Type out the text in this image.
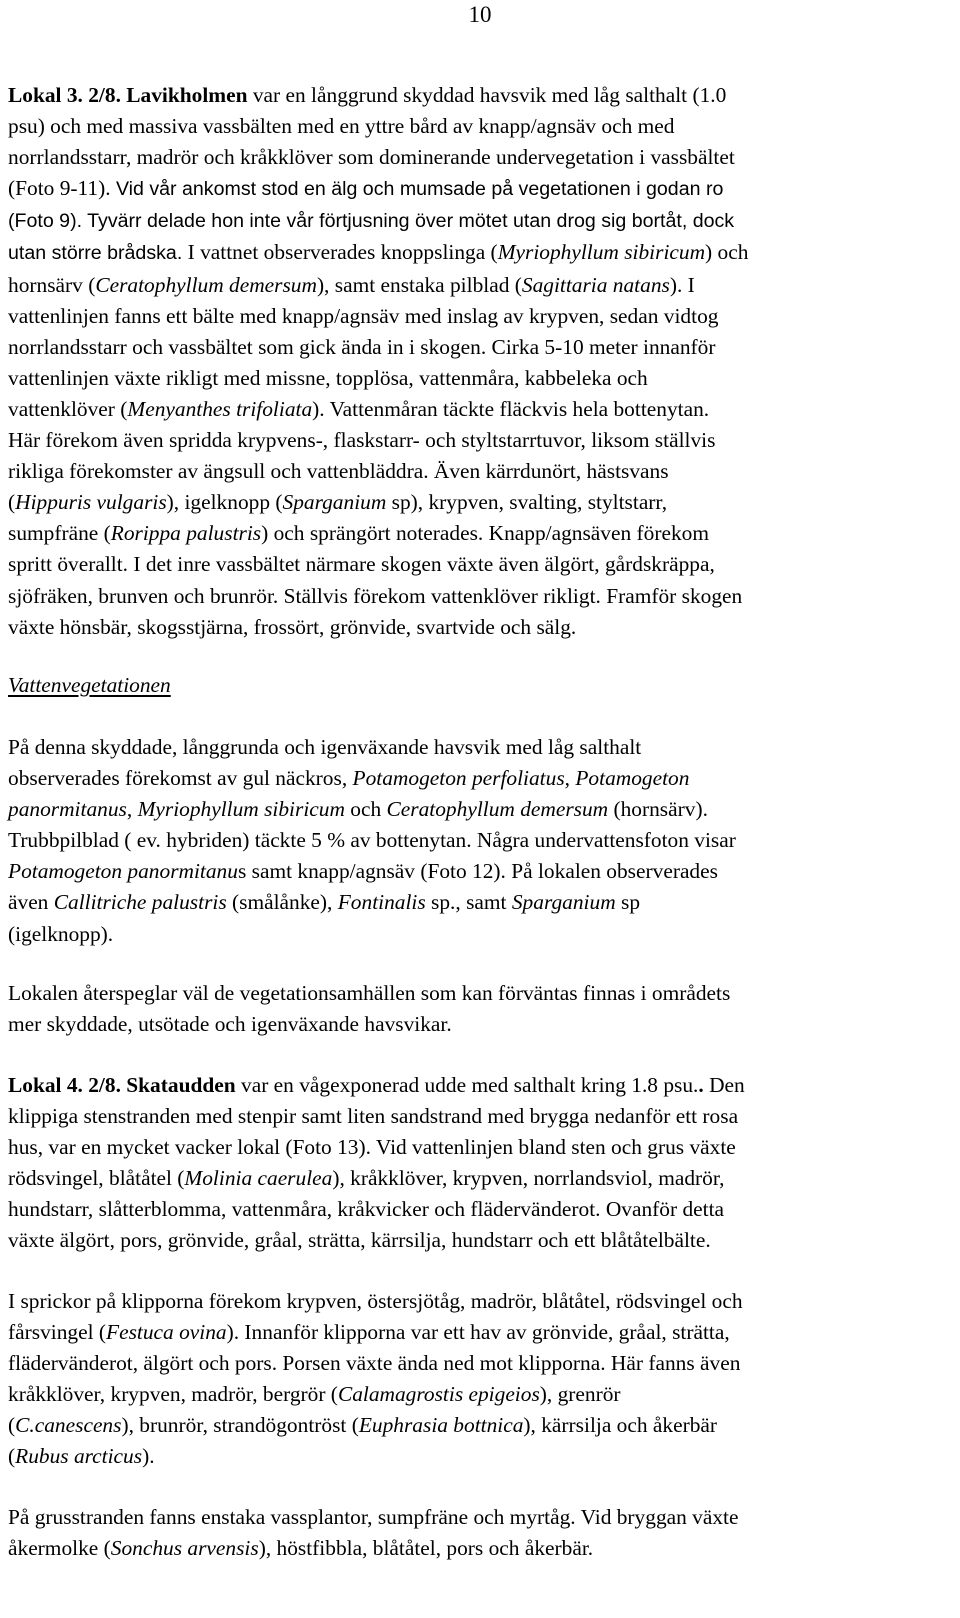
10
Lokal 3. 2/8. Lavikholmen var en långgrund skyddad havsvik med låg salthalt (1.0
psu) och med massiva vassbälten med en yttre bård av knapp/agnsäv och med
norrlandsstarr, madrör och kråkklöver som dominerande undervegetation i vassbältet
(Foto 9-11). Vid vår ankomst stod en älg och mumsade på vegetationen i godan ro
(Foto 9). Tyvärr delade hon inte vår förtjusning över mötet utan drog sig bortåt, dock
utan större brådska. I vattnet observerades knoppslinga (Myriophyllum sibiricum) och
hornsärv (Ceratophyllum demersum), samt enstaka pilblad (Sagittaria natans). I
vattenlinjen fanns ett bälte med knapp/agnsäv med inslag av krypven, sedan vidtog
norrlandsstarr och vassbältet som gick ända in i skogen. Cirka 5-10 meter innanför
vattenlinjen växte rikligt med missne, topplösa, vattenmåra, kabbeleka och
vattenklöver (Menyanthes trifoliata). Vattenmåran täckte fläckvis hela bottenytan.
Här förekom även spridda krypvens-, flaskstarr- och styltstarrtuvor, liksom ställvis
rikliga förekomster av ängsull och vattenbläddra. Även kärrdunört, hästsvans
(Hippuris vulgaris), igelknopp (Sparganium sp), krypven, svalting, styltstarr,
sumpfräne (Rorippa palustris) och sprängört noterades. Knapp/agnsäven förekom
spritt överallt. I det inre vassbältet närmare skogen växte även älgört, gårdskräppa,
sjöfräken, brunven och brunrör. Ställvis förekom vattenklöver rikligt. Framför skogen
växte hönsbär, skogsstjärna, frossört, grönvide, svartvide och sälg.
Vattenvegetationen
På denna skyddade, långgrunda och igenväxande havsvik med låg salthalt
observerades förekomst av gul näckros, Potamogeton perfoliatus, Potamogeton
panormitanus, Myriophyllum sibiricum och Ceratophyllum demersum (hornsärv).
Trubbpilblad ( ev. hybriden) täckte 5 % av bottenytan. Några undervattensfoton visar
Potamogeton panormitanus samt knapp/agnsäv (Foto 12). På lokalen observerades
även Callitriche palustris (smålånke), Fontinalis sp., samt Sparganium sp
(igelknopp).
Lokalen återspeglar väl de vegetationsamhällen som kan förväntas finnas i områdets
mer skyddade, utsötade och igenväxande havsvikar.
Lokal 4. 2/8. Skataudden var en vågexponerad udde med salthalt kring 1.8 psu.. Den
klippiga stenstranden med stenpir samt liten sandstrand med brygga nedanför ett rosa
hus, var en mycket vacker lokal (Foto 13). Vid vattenlinjen bland sten och grus växte
rödsvingel, blåtåtel (Molinia caerulea), kråkklöver, krypven, norrlandsviol, madrör,
hundstarr, slåtterblomma, vattenmåra, kråkvicker och flädervänderot. Ovanför detta
växte älgört, pors, grönvide, gråal, strätta, kärrsilja, hundstarr och ett blåtåtelbälte.
I sprickor på klipporna förekom krypven, östersjötåg, madrör, blåtåtel, rödsvingel och
fårsvingel (Festuca ovina). Innanför klipporna var ett hav av grönvide, gråal, strätta,
flädervänderot, älgört och pors. Porsen växte ända ned mot klipporna. Här fanns även
kråkklöver, krypven, madrör, bergrör (Calamagrostis epigeios), grenrör
(C.canescens), brunrör, strandögontröst (Euphrasia bottnica), kärrsilja och åkerbär
(Rubus arcticus).
På grusstranden fanns enstaka vassplantor, sumpfräne och myrtåg. Vid bryggan växte
åkermolke (Sonchus arvensis), höstfibbla, blåtåtel, pors och åkerbär.
